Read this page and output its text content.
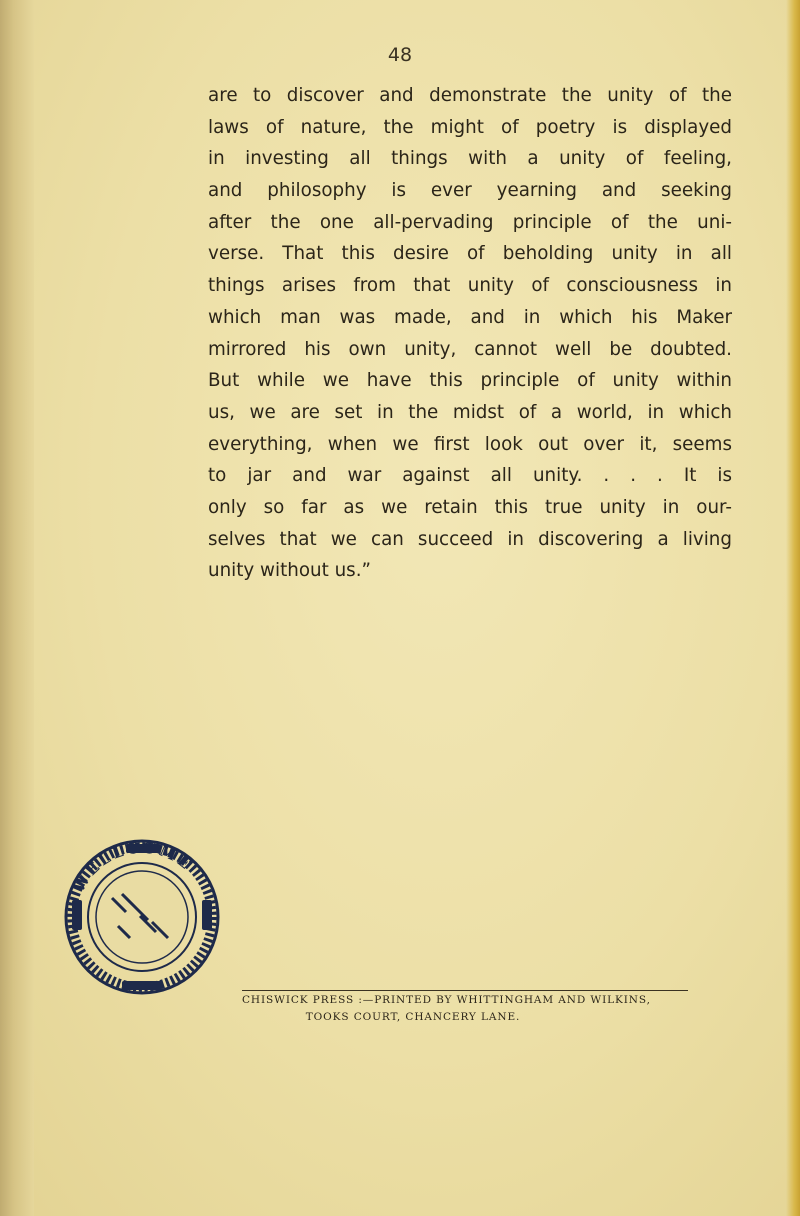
48
are to discover and demonstrate the unity of the
laws of nature, the might of poetry is displayed
in investing all things with a unity of feeling,
and philosophy is ever yearning and seeking
after the one all-pervading principle of the uni-
verse. That this desire of beholding unity in all
things arises from that unity of consciousness in
which man was made, and in which his Maker
mirrored his own unity, cannot well be doubted.
But while we have this principle of unity within
us, we are set in the midst of a world, in which
everything, when we first look out over it, seems
to jar and war against all unity. . . . It is
only so far as we retain this true unity in our-
selves that we can succeed in discovering a living
unity without us.”
WELLCOME
CHISWICK PRESS :—PRINTED BY WHITTINGHAM AND WILKINS,
TOOKS COURT, CHANCERY LANE.
